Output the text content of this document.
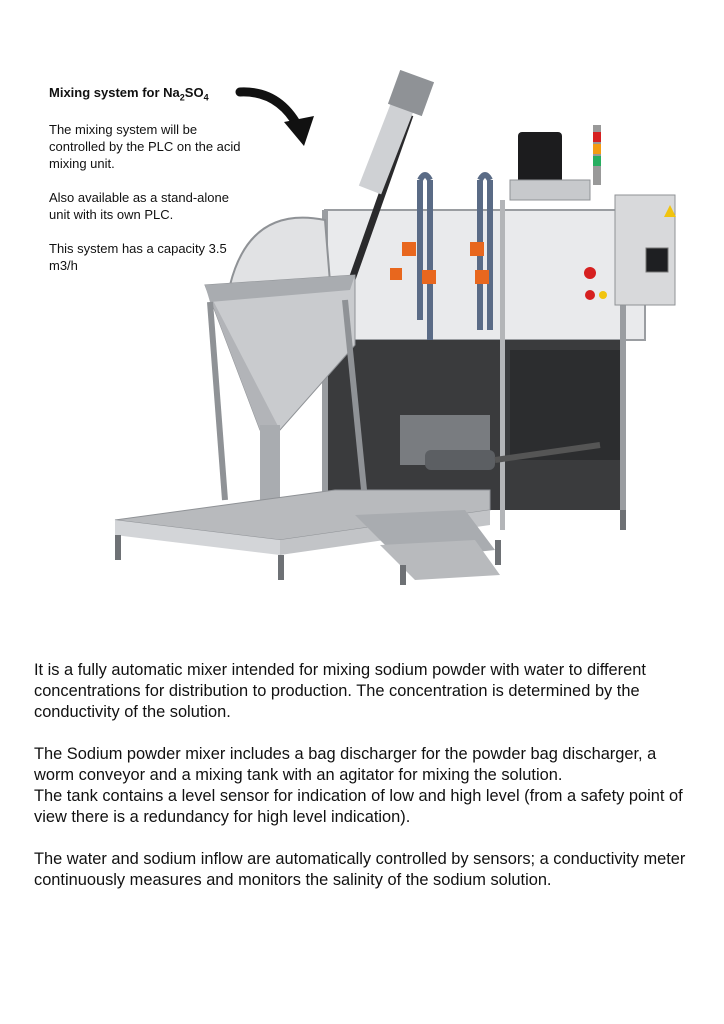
Mixing system for $Na_2SO_4$

The mixing system will be controlled by the PLC on the acid mixing unit.

Also available as a stand-alone unit with its own PLC.

This system has a capacity 3.5 m3/h

It is a fully automatic mixer intended for mixing sodium powder with water to different concentrations for distribution to production. The concentration is determined by the conductivity of the solution.

The Sodium powder mixer includes a bag discharger for the powder bag discharger, a worm conveyor and a mixing tank with an agitator for mixing the solution.
The tank contains a level sensor for indication of low and high level (from a safety point of view there is a redundancy for high level indication).

The water and sodium inflow are automatically controlled by sensors; a conductivity meter continuously measures and monitors the salinity of the sodium solution.
